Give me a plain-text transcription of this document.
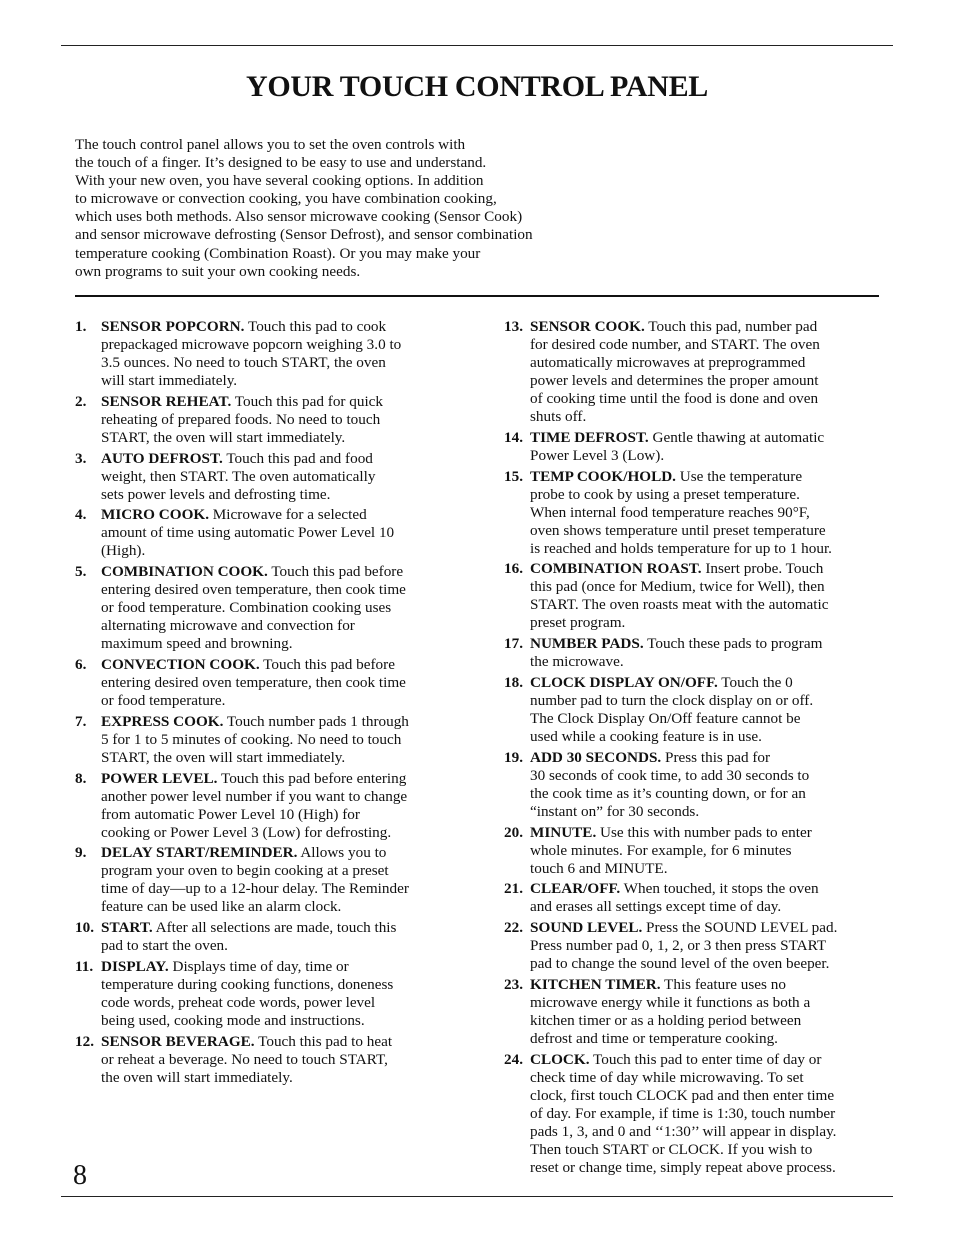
YOUR TOUCH CONTROL PANEL
The touch control panel allows you to set the oven controls with
the touch of a finger. It’s designed to be easy to use and understand.
With your new oven, you have several cooking options. In addition
to microwave or convection cooking, you have combination cooking,
which uses both methods. Also sensor microwave cooking (Sensor Cook)
and sensor microwave defrosting (Sensor Defrost), and sensor combination
temperature cooking (Combination Roast). Or you may make your
own programs to suit your own cooking needs.
1. SENSOR POPCORN. Touch this pad to cook
prepackaged microwave popcorn weighing 3.0 to
3.5 ounces. No need to touch START, the oven
will start immediately.
2. SENSOR REHEAT. Touch this pad for quick
reheating of prepared foods. No need to touch
START, the oven will start immediately.
3. AUTO DEFROST. Touch this pad and food
weight, then START. The oven automatically
sets power levels and defrosting time.
4. MICRO COOK. Microwave for a selected
amount of time using automatic Power Level 10
(High).
5. COMBINATION COOK. Touch this pad before
entering desired oven temperature, then cook time
or food temperature. Combination cooking uses
alternating microwave and convection for
maximum speed and browning.
6. CONVECTION COOK. Touch this pad before
entering desired oven temperature, then cook time
or food temperature.
7. EXPRESS COOK. Touch number pads 1 through
5 for 1 to 5 minutes of cooking. No need to touch
START, the oven will start immediately.
8. POWER LEVEL. Touch this pad before entering
another power level number if you want to change
from automatic Power Level 10 (High) for
cooking or Power Level 3 (Low) for defrosting.
9. DELAY START/REMINDER. Allows you to
program your oven to begin cooking at a preset
time of day—up to a 12-hour delay. The Reminder
feature can be used like an alarm clock.
10. START. After all selections are made, touch this
pad to start the oven.
11. DISPLAY. Displays time of day, time or
temperature during cooking functions, doneness
code words, preheat code words, power level
being used, cooking mode and instructions.
12. SENSOR BEVERAGE. Touch this pad to heat
or reheat a beverage. No need to touch START,
the oven will start immediately.
13. SENSOR COOK. Touch this pad, number pad
for desired code number, and START. The oven
automatically microwaves at preprogrammed
power levels and determines the proper amount
of cooking time until the food is done and oven
shuts off.
14. TIME DEFROST. Gentle thawing at automatic
Power Level 3 (Low).
15. TEMP COOK/HOLD. Use the temperature
probe to cook by using a preset temperature.
When internal food temperature reaches 90°F,
oven shows temperature until preset temperature
is reached and holds temperature for up to 1 hour.
16. COMBINATION ROAST. Insert probe. Touch
this pad (once for Medium, twice for Well), then
START. The oven roasts meat with the automatic
preset program.
17. NUMBER PADS. Touch these pads to program
the microwave.
18. CLOCK DISPLAY ON/OFF. Touch the 0
number pad to turn the clock display on or off.
The Clock Display On/Off feature cannot be
used while a cooking feature is in use.
19. ADD 30 SECONDS. Press this pad for
30 seconds of cook time, to add 30 seconds to
the cook time as it’s counting down, or for an
“instant on” for 30 seconds.
20. MINUTE. Use this with number pads to enter
whole minutes. For example, for 6 minutes
touch 6 and MINUTE.
21. CLEAR/OFF. When touched, it stops the oven
and erases all settings except time of day.
22. SOUND LEVEL. Press the SOUND LEVEL pad.
Press number pad 0, 1, 2, or 3 then press START
pad to change the sound level of the oven beeper.
23. KITCHEN TIMER. This feature uses no
microwave energy while it functions as both a
kitchen timer or as a holding period between
defrost and time or temperature cooking.
24. CLOCK. Touch this pad to enter time of day or
check time of day while microwaving. To set
clock, first touch CLOCK pad and then enter time
of day. For example, if time is 1:30, touch number
pads 1, 3, and 0 and ‘‘1:30’’ will appear in display.
Then touch START or CLOCK. If you wish to
reset or change time, simply repeat above process.
8
